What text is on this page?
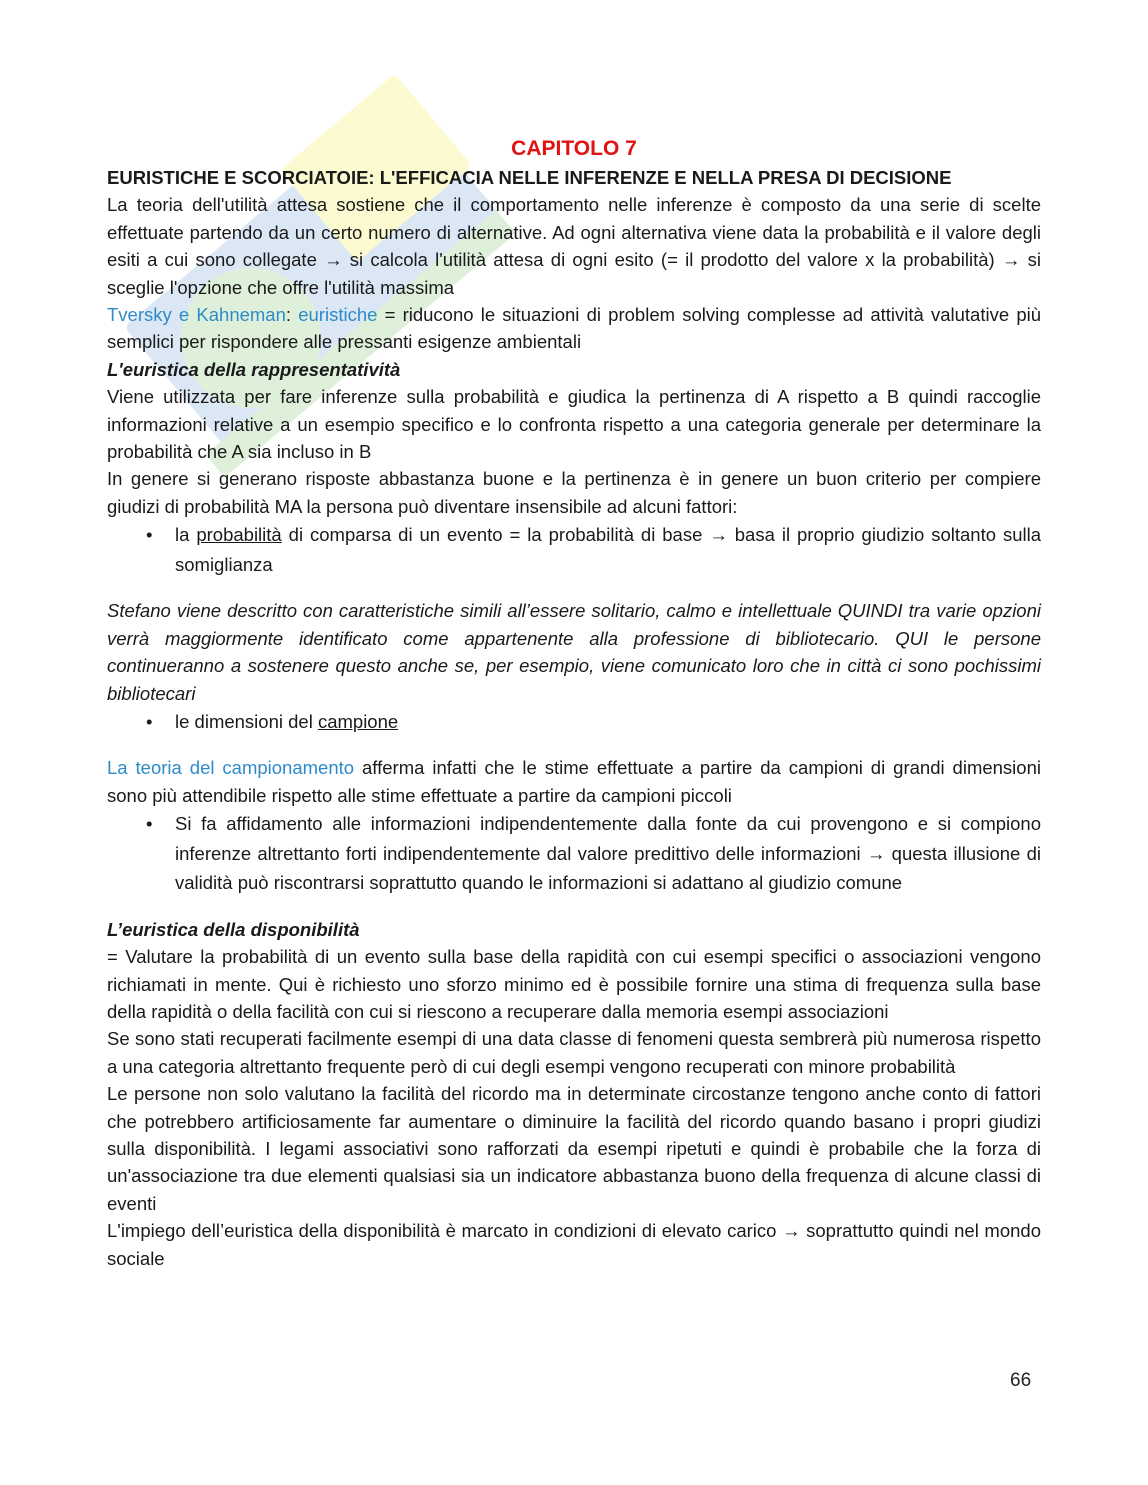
CAPITOLO 7

EURISTICHE E SCORCIATOIE: L'EFFICACIA NELLE INFERENZE E NELLA PRESA DI DECISIONE

La teoria dell'utilità attesa sostiene che il comportamento nelle inferenze è composto da una serie di scelte effettuate partendo da un certo numero di alternative. Ad ogni alternativa viene data la probabilità e il valore degli esiti a cui sono collegate → si calcola l'utilità attesa di ogni esito (= il prodotto del valore x la probabilità) → si sceglie l'opzione che offre l'utilità massima

Tversky e Kahneman: euristiche = riducono le situazioni di problem solving complesse ad attività valutative più semplici per rispondere alle pressanti esigenze ambientali

L'euristica della rappresentatività

Viene utilizzata per fare inferenze sulla probabilità e giudica la pertinenza di A rispetto a B quindi raccoglie informazioni relative a un esempio specifico e lo confronta rispetto a una categoria generale per determinare la probabilità che A sia incluso in B

In genere si generano risposte abbastanza buone e la pertinenza è in genere un buon criterio per compiere giudizi di probabilità MA la persona può diventare insensibile ad alcuni fattori:

• la probabilità di comparsa di un evento = la probabilità di base → basa il proprio giudizio soltanto sulla somiglianza

Stefano viene descritto con caratteristiche simili all’essere solitario, calmo e intellettuale QUINDI tra varie opzioni verrà maggiormente identificato come appartenente alla professione di bibliotecario. QUI le persone continueranno a sostenere questo anche se, per esempio, viene comunicato loro che in città ci sono pochissimi bibliotecari

• le dimensioni del campione

La teoria del campionamento afferma infatti che le stime effettuate a partire da campioni di grandi dimensioni sono più attendibile rispetto alle stime effettuate a partire da campioni piccoli

• Si fa affidamento alle informazioni indipendentemente dalla fonte da cui provengono e si compiono inferenze altrettanto forti indipendentemente dal valore predittivo delle informazioni → questa illusione di validità può riscontrarsi soprattutto quando le informazioni si adattano al giudizio comune

L’euristica della disponibilità

= Valutare la probabilità di un evento sulla base della rapidità con cui esempi specifici o associazioni vengono richiamati in mente. Qui è richiesto uno sforzo minimo ed è possibile fornire una stima di frequenza sulla base della rapidità o della facilità con cui si riescono a recuperare dalla memoria esempi associazioni

Se sono stati recuperati facilmente esempi di una data classe di fenomeni questa sembrerà più numerosa rispetto a una categoria altrettanto frequente però di cui degli esempi vengono recuperati con minore probabilità

Le persone non solo valutano la facilità del ricordo ma in determinate circostanze tengono anche conto di fattori che potrebbero artificiosamente far aumentare o diminuire la facilità del ricordo quando basano i propri giudizi sulla disponibilità. I legami associativi sono rafforzati da esempi ripetuti e quindi è probabile che la forza di un'associazione tra due elementi qualsiasi sia un indicatore abbastanza buono della frequenza di alcune classi di eventi

L'impiego dell’euristica della disponibilità è marcato in condizioni di elevato carico → soprattutto quindi nel mondo sociale

66
